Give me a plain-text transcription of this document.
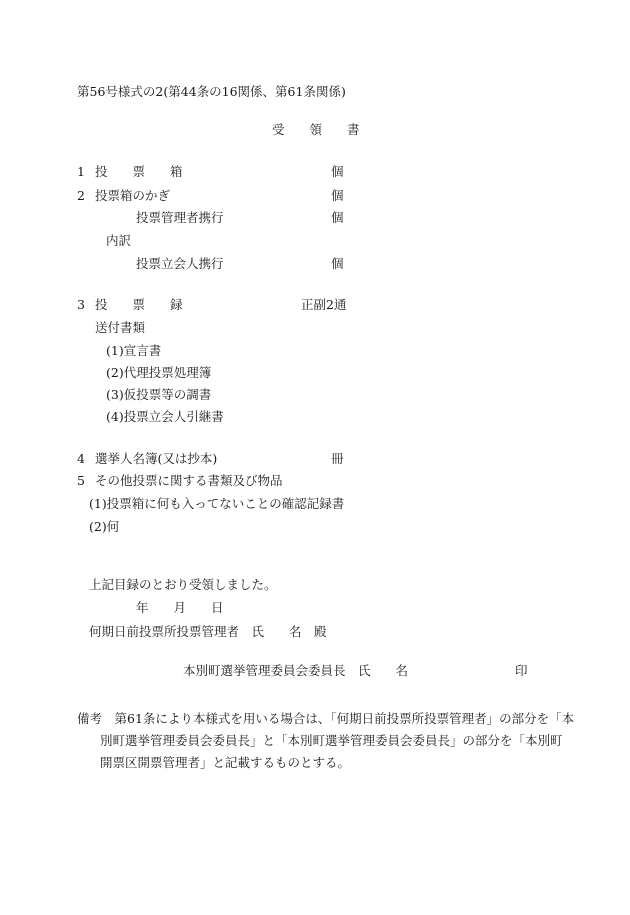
第56号様式の2(第44条の16関係、第61条関係)
受　　領　　書
1 投　　票　　箱	個
2 投票箱のかぎ	個
投票管理者携行	個
内訳
投票立会人携行	個
3 投　　票　　録	正副2通
送付書類
(1)宣言書
(2)代理投票処理簿
(3)仮投票等の調書
(4)投票立会人引継書
4 選挙人名簿(又は抄本)	冊
5 その他投票に関する書類及び物品
(1)投票箱に何も入ってないことの確認記録書
(2)何
上記目録のとおり受領しました。
年　　月　　日
何期日前投票所投票管理者　氏　　名　殿
本別町選挙管理委員会委員長　氏　　名	印
備考　第61条により本様式を用いる場合は、「何期日前投票所投票管理者」の部分を「本
別町選挙管理委員会委員長」と「本別町選挙管理委員会委員長」の部分を「本別町
開票区開票管理者」と記載するものとする。
